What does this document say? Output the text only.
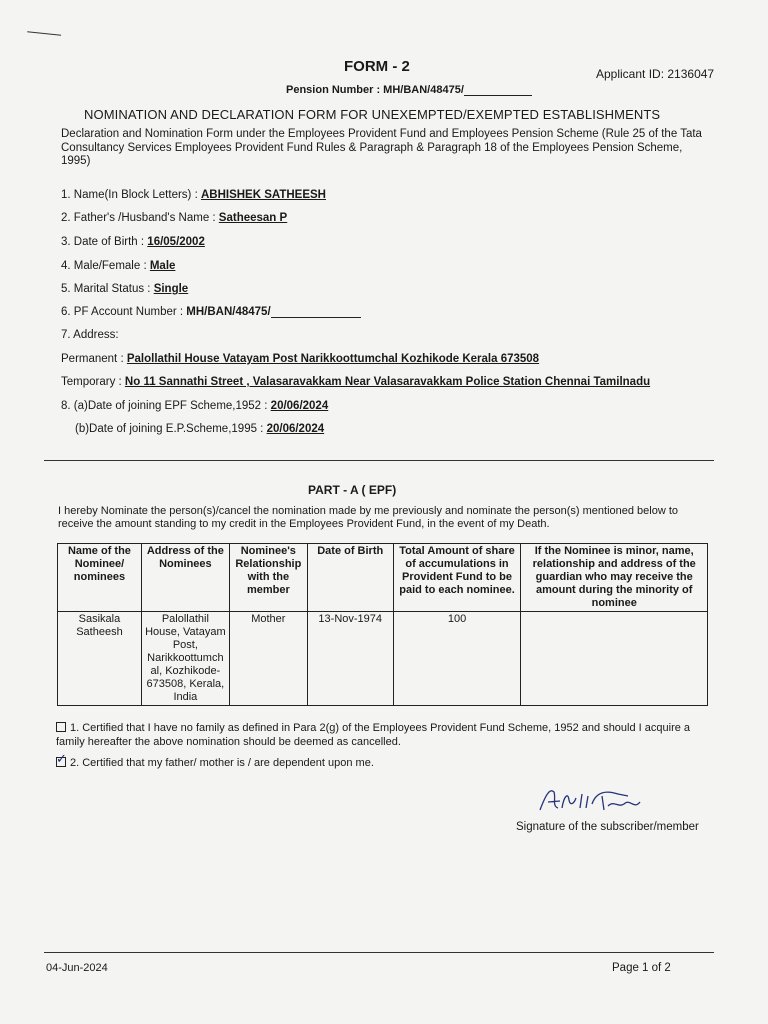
FORM - 2	Applicant ID: 2136047
Pension Number : MH/BAN/48475/
NOMINATION AND DECLARATION FORM FOR UNEXEMPTED/EXEMPTED ESTABLISHMENTS
Declaration and Nomination Form under the Employees Provident Fund and Employees Pension Scheme (Rule 25 of the Tata Consultancy Services Employees Provident Fund Rules & Paragraph & Paragraph 18 of the Employees Pension Scheme, 1995)
1. Name(In Block Letters) : ABHISHEK SATHEESH
2. Father's /Husband's Name : Satheesan P
3. Date of Birth : 16/05/2002
4. Male/Female : Male
5. Marital Status : Single
6. PF Account Number : MH/BAN/48475/
7. Address:
Permanent : Palollathil House Vatayam Post Narikkoottumchal Kozhikode Kerala 673508
Temporary : No 11 Sannathi Street , Valasaravakkam Near Valasaravakkam Police Station Chennai Tamilnadu
8. (a)Date of joining EPF Scheme,1952 : 20/06/2024
(b)Date of joining E.P.Scheme,1995 : 20/06/2024
PART - A ( EPF)
I hereby Nominate the person(s)/cancel the nomination made by me previously and nominate the person(s) mentioned below to receive the amount standing to my credit in the Employees Provident Fund, in the event of my Death.
Name of the Nominee/ nominees	Address of the Nominees	Nominee's Relationship with the member	Date of Birth	Total Amount of share of accumulations in Provident Fund to be paid to each nominee.	If the Nominee is minor, name, relationship and address of the guardian who may receive the amount during the minority of nominee
Sasikala Satheesh	Palollathil House, Vatayam Post, Narikkoottumch al, Kozhikode- 673508, Kerala, India	Mother	13-Nov-1974	100	
1. Certified that I have no family as defined in Para 2(g) of the Employees Provident Fund Scheme, 1952 and should I acquire a family hereafter the above nomination should be deemed as cancelled.
✓ 2. Certified that my father/ mother is / are dependent upon me.
Signature of the subscriber/member
04-Jun-2024	Page 1 of 2
